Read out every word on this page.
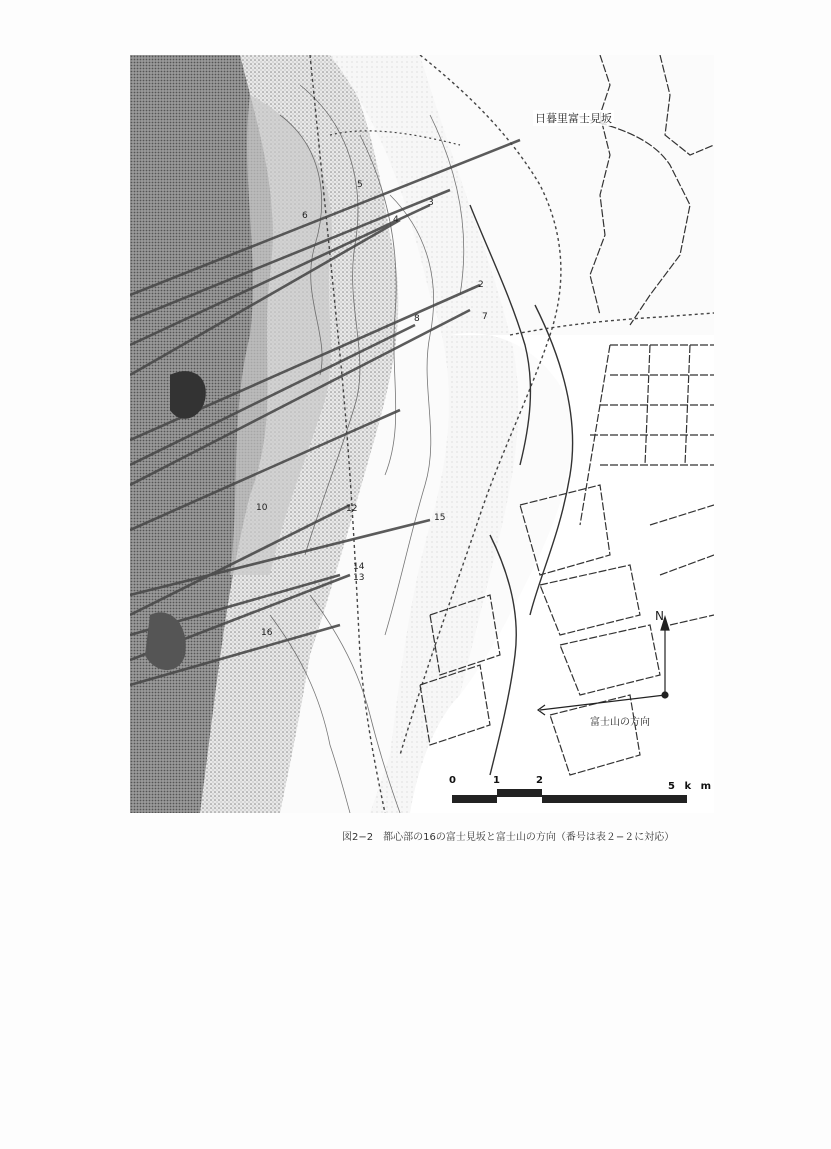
5
6	4
3
2
8	7
10	12
15
14
13
16
日暮里富士見坂
N
富士山の方向
0	1	2
5 k m
図2−2　都心部の16の富士見坂と富士山の方向（番号は表２−２に対応）
